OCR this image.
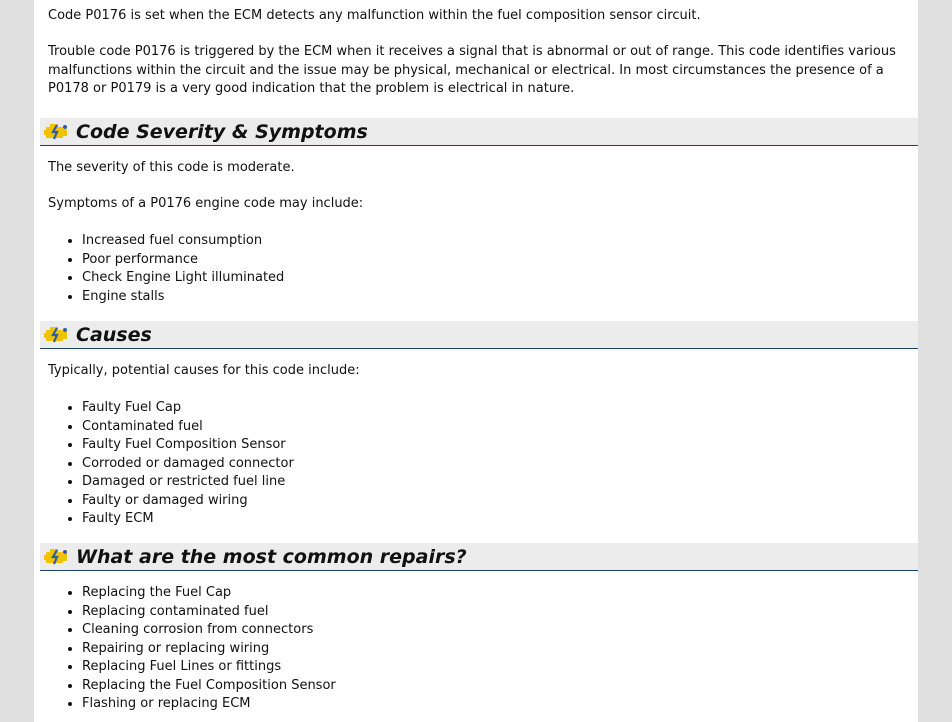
Code P0176 is set when the ECM detects any malfunction within the fuel composition sensor circuit.

Trouble code P0176 is triggered by the ECM when it receives a signal that is abnormal or out of range. This code identifies various malfunctions within the circuit and the issue may be physical, mechanical or electrical. In most circumstances the presence of a P0178 or P0179 is a very good indication that the problem is electrical in nature.

Code Severity & Symptoms

The severity of this code is moderate.

Symptoms of a P0176 engine code may include:

• Increased fuel consumption
• Poor performance
• Check Engine Light illuminated
• Engine stalls
Causes

Typically, potential causes for this code include:

• Faulty Fuel Cap
• Contaminated fuel
• Faulty Fuel Composition Sensor
• Corroded or damaged connector
• Damaged or restricted fuel line
• Faulty or damaged wiring
• Faulty ECM
What are the most common repairs?
• Replacing the Fuel Cap
• Replacing contaminated fuel
• Cleaning corrosion from connectors
• Repairing or replacing wiring
• Replacing Fuel Lines or fittings
• Replacing the Fuel Composition Sensor
• Flashing or replacing ECM
